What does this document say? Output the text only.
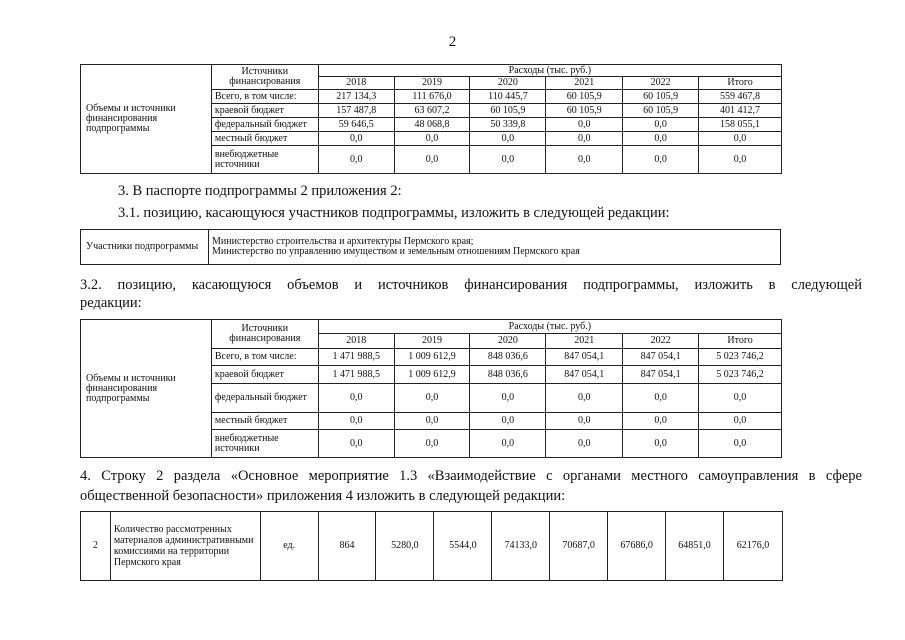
2
Объемы и источники финансирования подпрограммы	Источники финансирования	Расходы (тыс. руб.)					
		2018	2019	2020	2021	2022	Итого
	Всего, в том числе:	217 134,3	111 676,0	110 445,7	60 105,9	60 105,9	559 467,8
	краевой бюджет	157 487,8	63 607,2	60 105,9	60 105,9	60 105,9	401 412,7
	федеральный бюджет	59 646,5	48 068,8	50 339,8	0,0	0,0	158 055,1
	местный бюджет	0,0	0,0	0,0	0,0	0,0	0,0
	внебюджетные источники	0,0	0,0	0,0	0,0	0,0	0,0
3. В паспорте подпрограммы 2 приложения 2:
3.1. позицию, касающуюся участников подпрограммы, изложить в следующей редакции:
Участники подпрограммы	Министерство строительства и архитектуры Пермского края;
Министерство по управлению имуществом и земельным отношениям Пермского края
3.2. позицию, касающуюся объемов и источников финансирования подпрограммы, изложить в следующей
редакции:
Объемы и источники финансирования подпрограммы	Источники финансирования	Расходы (тыс. руб.)					
		2018	2019	2020	2021	2022	Итого
	Всего, в том числе:	1 471 988,5	1 009 612,9	848 036,6	847 054,1	847 054,1	5 023 746,2
	краевой бюджет	1 471 988,5	1 009 612,9	848 036,6	847 054,1	847 054,1	5 023 746,2
	федеральный бюджет	0,0	0,0	0,0	0,0	0,0	0,0
	местный бюджет	0,0	0,0	0,0	0,0	0,0	0,0
	внебюджетные источники	0,0	0,0	0,0	0,0	0,0	0,0
4. Строку 2 раздела «Основное мероприятие 1.3 «Взаимодействие с органами местного самоуправления в сфере
общественной безопасности» приложения 4 изложить в следующей редакции:
2	Количество рассмотренных материалов административными комиссиями на территории Пермского края	ед.	864	5280,0	5544,0	74133,0	70687,0	67686,0	64851,0	62176,0
